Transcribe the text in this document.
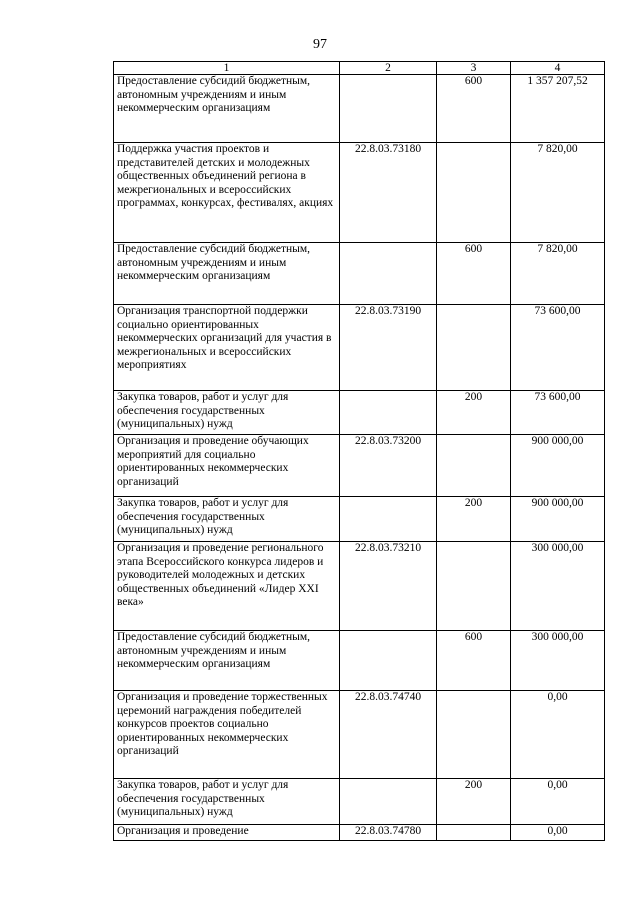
97
1	2	3	4
Предоставление субсидий бюджетным, автономным учреждениям и иным некоммерческим организациям		600	1 357 207,52
Поддержка участия проектов и представителей детских и молодежных общественных объединений региона в межрегиональных и всероссийских программах, конкурсах, фестивалях, акциях	22.8.03.73180		7 820,00
Предоставление субсидий бюджетным, автономным учреждениям и иным некоммерческим организациям		600	7 820,00
Организация транспортной поддержки социально ориентированных некоммерческих организаций для участия в межрегиональных и всероссийских мероприятиях	22.8.03.73190		73 600,00
Закупка товаров, работ и услуг для обеспечения государственных (муниципальных) нужд		200	73 600,00
Организация и проведение обучающих мероприятий для социально ориентированных некоммерческих организаций	22.8.03.73200		900 000,00
Закупка товаров, работ и услуг для обеспечения государственных (муниципальных) нужд		200	900 000,00
Организация и проведение регионального этапа Всероссийского конкурса лидеров и руководителей молодежных и детских общественных объединений «Лидер XXI века»	22.8.03.73210		300 000,00
Предоставление субсидий бюджетным, автономным учреждениям и иным некоммерческим организациям		600	300 000,00
Организация и проведение торжественных церемоний награждения победителей конкурсов проектов социально ориентированных некоммерческих организаций	22.8.03.74740		0,00
Закупка товаров, работ и услуг для обеспечения государственных (муниципальных) нужд		200	0,00
Организация и проведение	22.8.03.74780		0,00
